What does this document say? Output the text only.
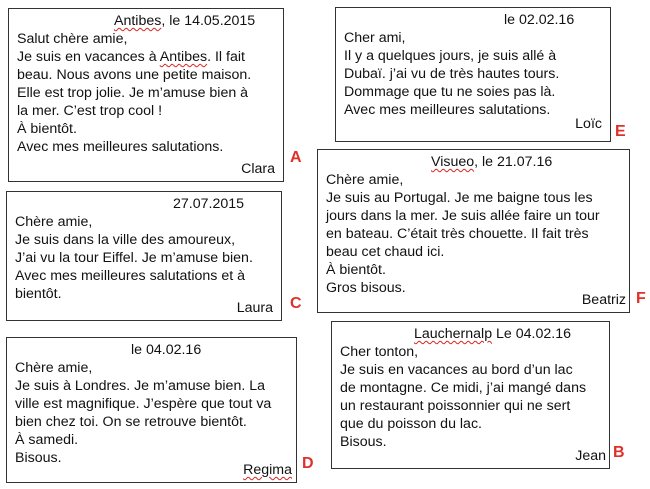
Antibes, le 14.05.2015
Salut chère amie,
Je suis en vacances à Antibes. Il fait
beau. Nous avons une petite maison.
Elle est trop jolie. Je m’amuse bien à
la mer. C’est trop cool !
À bientôt.
Avec mes meilleures salutations.
Clara
A
27.07.2015
Chère amie,
Je suis dans la ville des amoureux,
J’ai vu la tour Eiffel. Je m’amuse bien.
Avec mes meilleures salutations et à
bientôt.
Laura C
le 04.02.16
Chère amie,
Je suis à Londres. Je m’amuse bien. La
ville est magnifique. J’espère que tout va
bien chez toi. On se retrouve bientôt.
À samedi.
Bisous.
Regima D
le 02.02.16
Cher ami,
Il y a quelques jours, je suis allé à
Dubaï. j’ai vu de très hautes tours.
Dommage que tu ne soies pas là.
Avec mes meilleures salutations.
Loïc E
Visueo, le 21.07.16
Chère amie,
Je suis au Portugal. Je me baigne tous les
jours dans la mer. Je suis allée faire un tour
en bateau. C’était très chouette. Il fait très
beau cet chaud ici.
À bientôt.
Gros bisous.
Beatriz F
Lauchernalp Le 04.02.16
Cher tonton,
Je suis en vacances au bord d’un lac
de montagne. Ce midi, j’ai mangé dans
un restaurant poissonnier qui ne sert
que du poisson du lac.
Bisous.
Jean B
